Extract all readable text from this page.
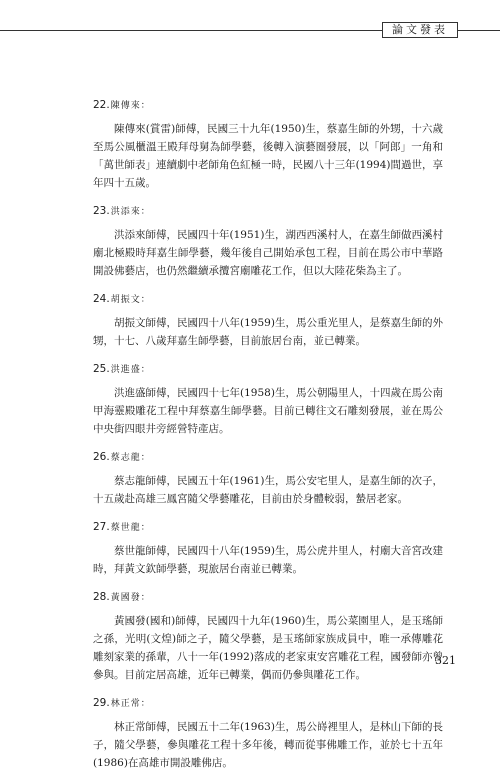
論文發表
22.陳傳來：

陳傳來(賞雷)師傅，民國三十九年(1950)生，蔡嘉生師的外甥，十六歲至馬公風櫃溫王殿拜母舅為師學藝，後轉入演藝圈發展，以「阿郎」一角和「萬世師表」連續劇中老師角色紅極一時，民國八十三年(1994)間過世，享年四十五歲。

23.洪添來：

洪添來師傅，民國四十年(1951)生，湖西西溪村人，在嘉生師做西溪村廟北極殿時拜嘉生師學藝，幾年後自己開始承包工程，目前在馬公市中華路開設佛藝店，也仍然繼續承攬宮廟雕花工作，但以大陸花柴為主了。

24.胡振文：

胡振文師傅，民國四十八年(1959)生，馬公重光里人，是蔡嘉生師的外甥，十七、八歲拜嘉生師學藝，目前旅居台南，並已轉業。

25.洪進盛：

洪進盛師傅，民國四十七年(1958)生，馬公朝陽里人，十四歲在馬公南甲海靈殿雕花工程中拜蔡嘉生師學藝。目前已轉往文石雕刻發展，並在馬公中央街四眼井旁經營特產店。

26.蔡志龍：

蔡志龍師傅，民國五十年(1961)生，馬公安宅里人，是嘉生師的次子，十五歲赴高雄三鳳宮隨父學藝雕花，目前由於身體較弱，蟄居老家。

27.蔡世龍：

蔡世龍師傅，民國四十八年(1959)生，馬公虎井里人，村廟大音宮改建時，拜黃文欽師學藝，現旅居台南並已轉業。

28.黃國發：

黃國發(國和)師傅，民國四十九年(1960)生，馬公菜園里人，是玉瑤師之孫，光明(文煌)師之子，隨父學藝，是玉瑤師家族成員中，唯一承傳雕花雕刻家業的孫輩，八十一年(1992)落成的老家東安宮雕花工程，國發師亦曾參與。目前定居高雄，近年已轉業，偶而仍參與雕花工作。

29.林正常：

林正常師傅，民國五十二年(1963)生，馬公嵵裡里人，是林山下師的長子，隨父學藝，參與雕花工程十多年後，轉而從事佛雕工作，並於七十五年(1986)在高雄市開設雕佛店。

321
